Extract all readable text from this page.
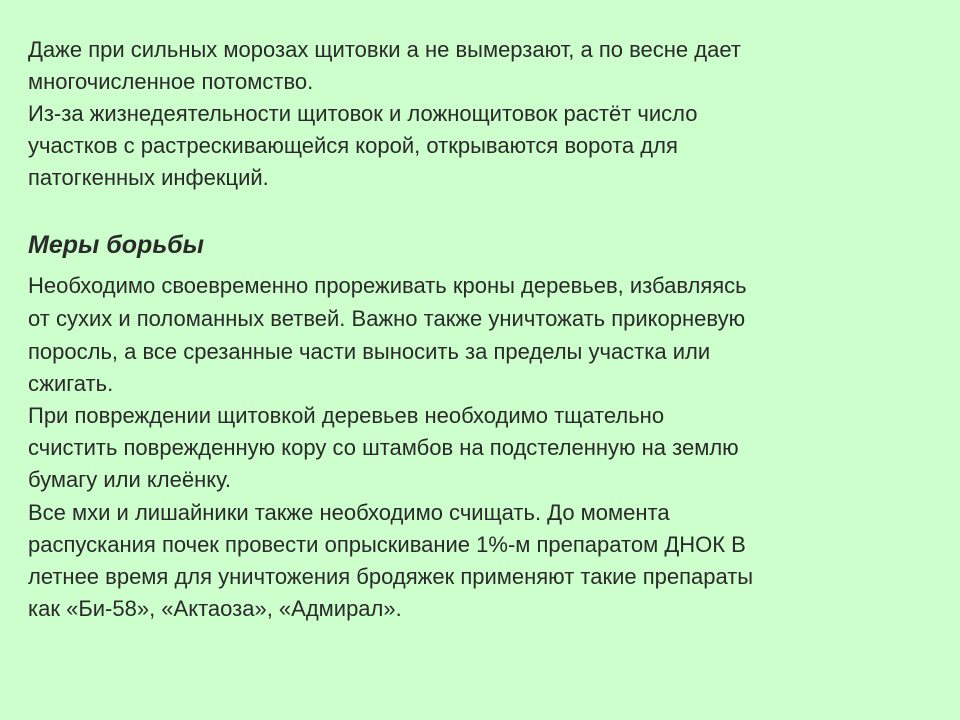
Даже при сильных морозах щитовки а не вымерзают, а по весне дает
многочисленное потомство.
Из-за жизнедеятельности щитовок и ложнощитовок растёт число
участков с растрескивающейся корой, открываются ворота для
патогкенных инфекций.
Меры борьбы
Необходимо своевременно прореживать кроны деревьев, избавляясь
от сухих и поломанных ветвей. Важно также уничтожать прикорневую
поросль, а все срезанные части выносить за пределы участка или
сжигать.
При повреждении щитовкой деревьев необходимо тщательно
счистить поврежденную кору со штамбов на подстеленную на землю
бумагу или клеёнку.
Все мхи и лишайники также необходимо счищать. До момента
распускания почек провести опрыскивание 1%-м препаратом ДНОК В
летнее время для уничтожения бродяжек применяют такие препараты
как «Би-58», «Актаоза», «Адмирал».
